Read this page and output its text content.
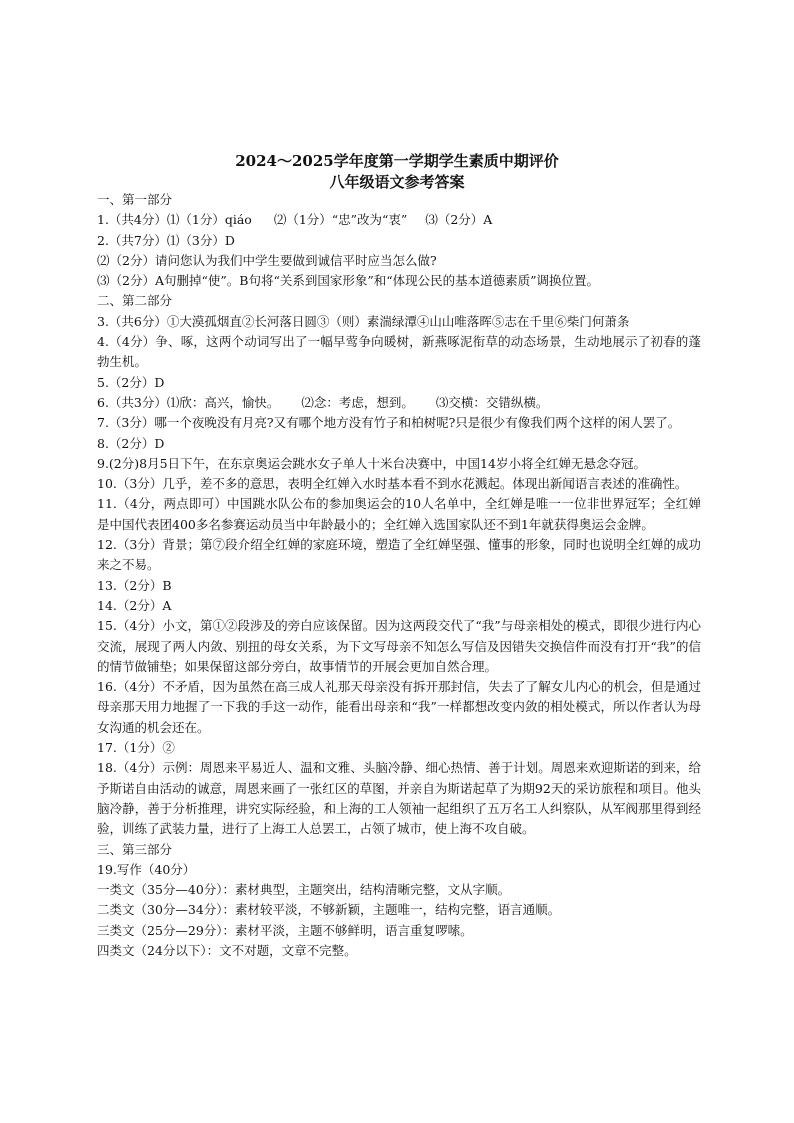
2024～2025学年度第一学期学生素质中期评价
八年级语文参考答案
一、第一部分
1.（共4分）⑴（1分）qiáo ⑵（1分）“忠”改为“衷” ⑶（2分）A
2.（共7分）⑴（3分）D
⑵（2分）请问您认为我们中学生要做到诚信平时应当怎么做?
⑶（2分）A句删掉“使”。B句将“关系到国家形象”和“体现公民的基本道德素质”调换位置。
二、第二部分
3.（共6分）①大漠孤烟直②长河落日圆③（则）素湍绿潭④山山唯落晖⑤志在千里⑥柴门何萧条
4.（4分）争、啄，这两个动词写出了一幅早莺争向暖树，新燕啄泥衔草的动态场景，生动地展示了初春的蓬勃生机。
5.（2分）D
6.（共3分）⑴欣：高兴，愉快。 ⑵念：考虑，想到。 ⑶交横：交错纵横。
7.（3分）哪一个夜晚没有月亮?又有哪个地方没有竹子和柏树呢?只是很少有像我们两个这样的闲人罢了。
8.（2分）D
9.(2分)8月5日下午，在东京奥运会跳水女子单人十米台决赛中，中国14岁小将全红婵无悬念夺冠。
10.（3分）几乎，差不多的意思，表明全红婵入水时基本看不到水花溅起。体现出新闻语言表述的准确性。
11.（4分，两点即可）中国跳水队公布的参加奥运会的10人名单中，全红婵是唯一一位非世界冠军；全红婵是中国代表团400多名参赛运动员当中年龄最小的；全红婵入选国家队还不到1年就获得奥运会金牌。
12.（3分）背景；第⑦段介绍全红婵的家庭环境，塑造了全红婵坚强、懂事的形象，同时也说明全红婵的成功来之不易。
13.（2分）B
14.（2分）A
15.（4分）小文，第①②段涉及的旁白应该保留。因为这两段交代了“我”与母亲相处的模式，即很少进行内心交流，展现了两人内敛、别扭的母女关系，为下文写母亲不知怎么写信及因错失交换信件而没有打开“我”的信的情节做铺垫；如果保留这部分旁白，故事情节的开展会更加自然合理。
16.（4分）不矛盾，因为虽然在高三成人礼那天母亲没有拆开那封信，失去了了解女儿内心的机会，但是通过母亲那天用力地握了一下我的手这一动作，能看出母亲和“我”一样都想改变内敛的相处模式，所以作者认为母女沟通的机会还在。
17.（1分）②
18.（4分）示例：周恩来平易近人、温和文雅、头脑冷静、细心热情、善于计划。周恩来欢迎斯诺的到来，给予斯诺自由活动的诚意，周恩来画了一张红区的草图，并亲自为斯诺起草了为期92天的采访旅程和项目。他头脑冷静，善于分析推理，讲究实际经验，和上海的工人领袖一起组织了五万名工人纠察队，从军阀那里得到经验，训练了武装力量，进行了上海工人总罢工，占领了城市，使上海不攻自破。
三、第三部分
19.写作（40分）
一类文（35分—40分）：素材典型，主题突出，结构清晰完整，文从字顺。
二类文（30分—34分）：素材较平淡，不够新颖，主题唯一，结构完整，语言通顺。
三类文（25分—29分）：素材平淡，主题不够鲜明，语言重复啰嗦。
四类文（24分以下）：文不对题，文章不完整。
